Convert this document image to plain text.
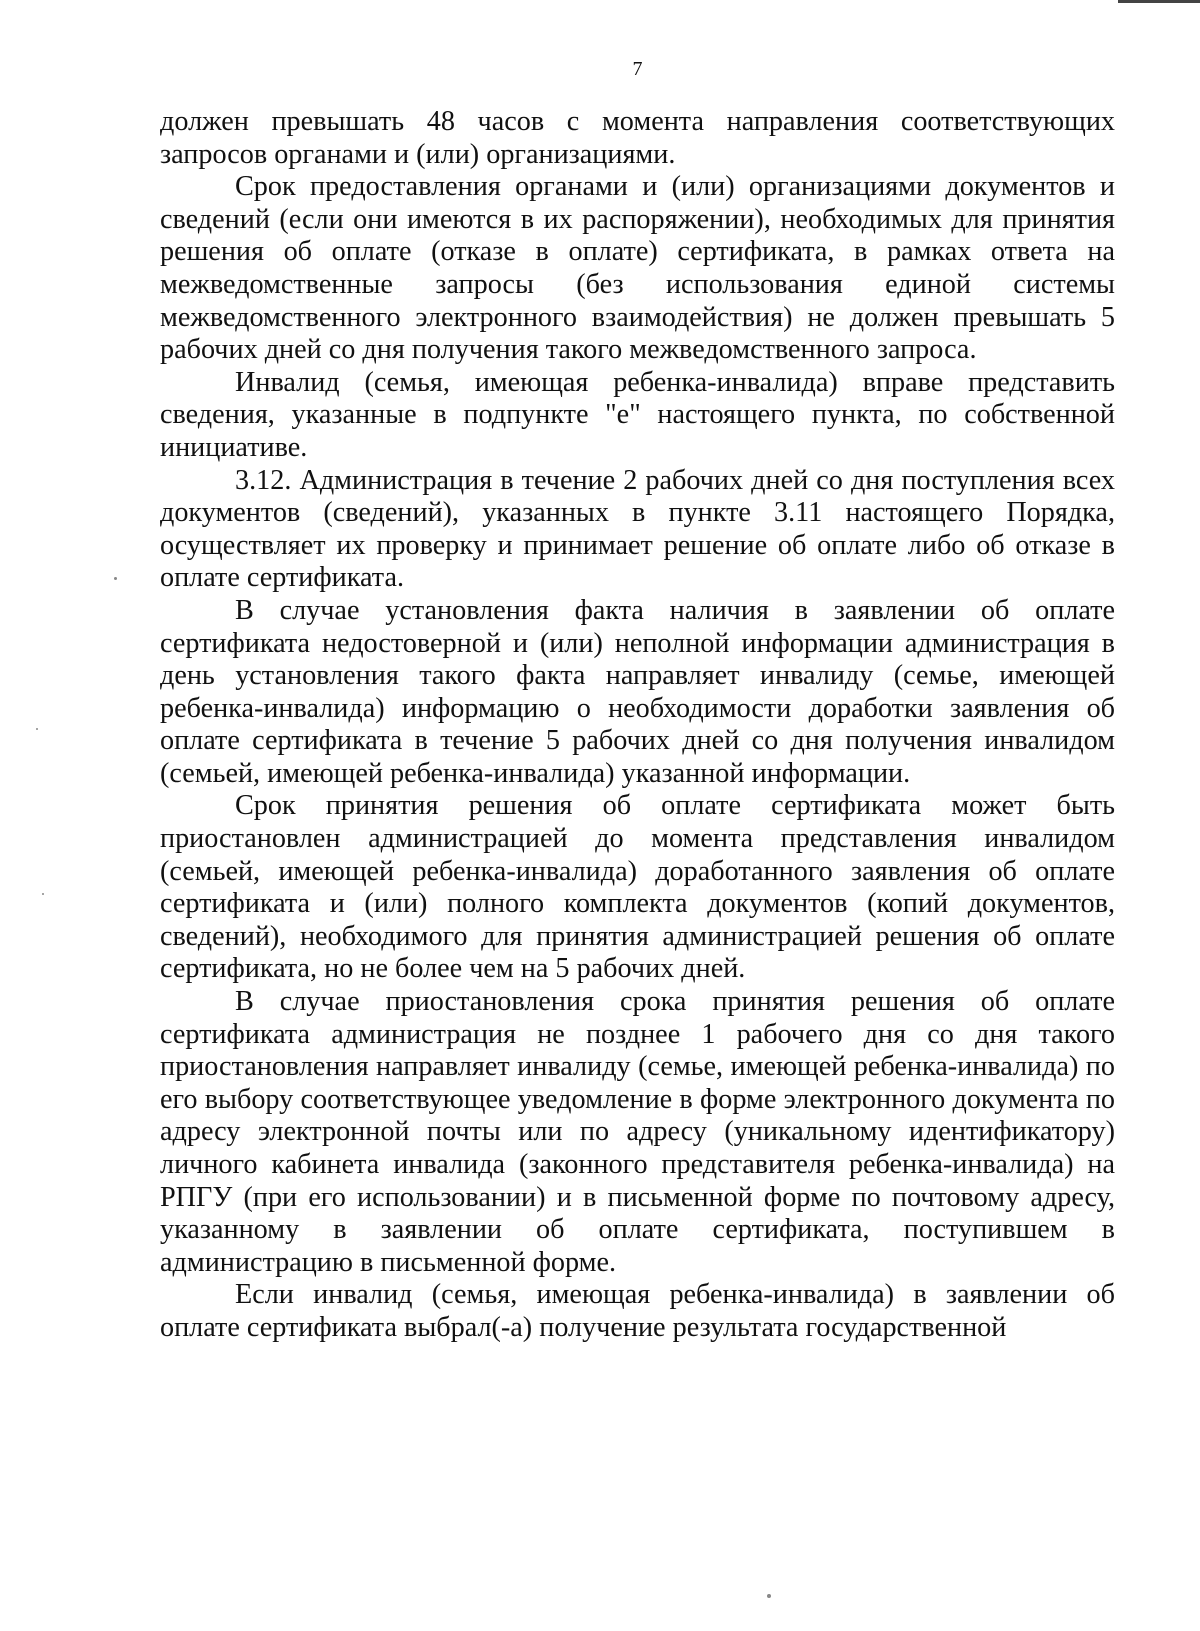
7

должен превышать 48 часов с момента направления соответствующих запросов органами и (или) организациями.

Срок предоставления органами и (или) организациями документов и сведений (если они имеются в их распоряжении), необходимых для принятия решения об оплате (отказе в оплате) сертификата, в рамках ответа на межведомственные запросы (без использования единой системы межведомственного электронного взаимодействия) не должен превышать 5 рабочих дней со дня получения такого межведомственного запроса.

Инвалид (семья, имеющая ребенка-инвалида) вправе представить сведения, указанные в подпункте "е" настоящего пункта, по собственной инициативе.

3.12. Администрация в течение 2 рабочих дней со дня поступления всех документов (сведений), указанных в пункте 3.11 настоящего Порядка, осуществляет их проверку и принимает решение об оплате либо об отказе в оплате сертификата.

В случае установления факта наличия в заявлении об оплате сертификата недостоверной и (или) неполной информации администрация в день установления такого факта направляет инвалиду (семье, имеющей ребенка-инвалида) информацию о необходимости доработки заявления об оплате сертификата в течение 5 рабочих дней со дня получения инвалидом (семьей, имеющей ребенка-инвалида) указанной информации.

Срок принятия решения об оплате сертификата может быть приостановлен администрацией до момента представления инвалидом (семьей, имеющей ребенка-инвалида) доработанного заявления об оплате сертификата и (или) полного комплекта документов (копий документов, сведений), необходимого для принятия администрацией решения об оплате сертификата, но не более чем на 5 рабочих дней.

В случае приостановления срока принятия решения об оплате сертификата администрация не позднее 1 рабочего дня со дня такого приостановления направляет инвалиду (семье, имеющей ребенка-инвалида) по его выбору соответствующее уведомление в форме электронного документа по адресу электронной почты или по адресу (уникальному идентификатору) личного кабинета инвалида (законного представителя ребенка-инвалида) на РПГУ (при его использовании) и в письменной форме по почтовому адресу, указанному в заявлении об оплате сертификата, поступившем в администрацию в письменной форме.

Если инвалид (семья, имеющая ребенка-инвалида) в заявлении об оплате сертификата выбрал(-а) получение результата государственной
